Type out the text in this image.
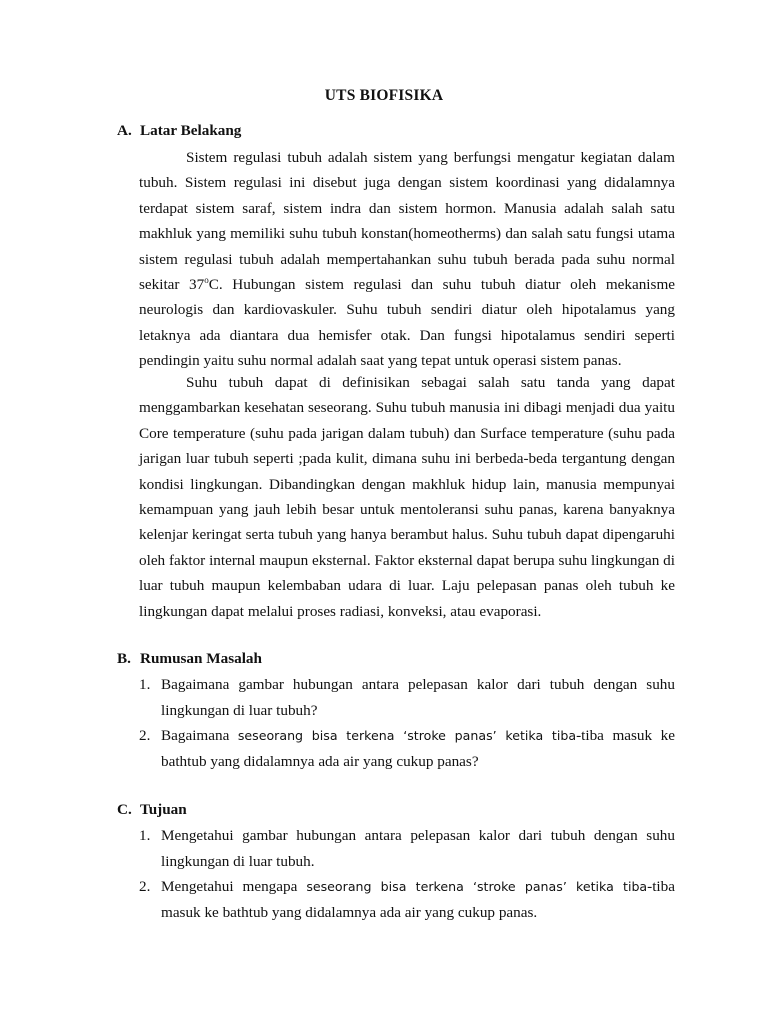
UTS BIOFISIKA
A. Latar Belakang

Sistem regulasi tubuh adalah sistem yang berfungsi mengatur kegiatan dalam tubuh. Sistem regulasi ini disebut juga dengan sistem koordinasi yang didalamnya terdapat sistem saraf, sistem indra dan sistem hormon. Manusia adalah salah satu makhluk yang memiliki suhu tubuh konstan(homeotherms) dan salah satu fungsi utama sistem regulasi tubuh adalah mempertahankan suhu tubuh berada pada suhu normal sekitar 37$^o$C. Hubungan sistem regulasi dan suhu tubuh diatur oleh mekanisme neurologis dan kardiovaskuler. Suhu tubuh sendiri diatur oleh hipotalamus yang letaknya ada diantara dua hemisfer otak. Dan fungsi hipotalamus sendiri seperti pendingin yaitu suhu normal adalah saat yang tepat untuk operasi sistem panas.

Suhu tubuh dapat di definisikan sebagai salah satu tanda yang dapat menggambarkan kesehatan seseorang. Suhu tubuh manusia ini dibagi menjadi dua yaitu Core temperature (suhu pada jarigan dalam tubuh) dan Surface temperature (suhu pada jarigan luar tubuh seperti ;pada kulit, dimana suhu ini berbeda-beda tergantung dengan kondisi lingkungan. Dibandingkan dengan makhluk hidup lain, manusia mempunyai kemampuan yang jauh lebih besar untuk mentoleransi suhu panas, karena banyaknya kelenjar keringat serta tubuh yang hanya berambut halus. Suhu tubuh dapat dipengaruhi oleh faktor internal maupun eksternal. Faktor eksternal dapat berupa suhu lingkungan di luar tubuh maupun kelembaban udara di luar. Laju pelepasan panas oleh tubuh ke lingkungan dapat melalui proses radiasi, konveksi, atau evaporasi.

B. Rumusan Masalah
1. Bagaimana gambar hubungan antara pelepasan kalor dari tubuh dengan suhu lingkungan di luar tubuh?
2. Bagaimana seseorang bisa terkena ‘stroke panas’ ketika tiba-tiba masuk ke bathtub yang didalamnya ada air yang cukup panas?
C. Tujuan
1. Mengetahui gambar hubungan antara pelepasan kalor dari tubuh dengan suhu lingkungan di luar tubuh.
2. Mengetahui mengapa seseorang bisa terkena ‘stroke panas’ ketika tiba-tiba masuk ke bathtub yang didalamnya ada air yang cukup panas.
